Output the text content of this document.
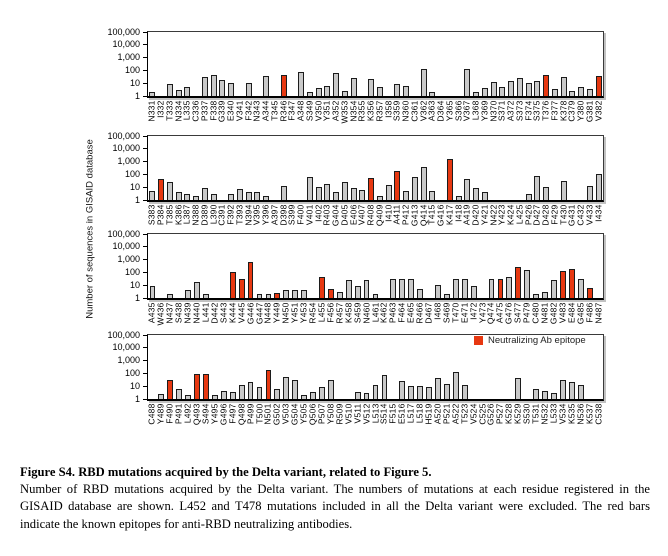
Number of sequences in GISAID database
100,000
10,000
1,000
100
10
1
N331
I332
T333
N334
L335
C336
P337
F338
G339
E340
V341
F342
N343
A344
T345
R346
F347
A348
S349
V350
Y351
A352
W353
N354
R355
K356
R357
I358
S359
N360
C361
V362
A363
D364
Y365
S366
V367
L368
Y369
N370
S371
A372
S373
F374
S375
T376
F377
K378
C379
Y380
G381
V382
100,000
10,000
1,000
100
10
1
S383
P384
T385
K386
L387
N388
D389
L390
C391
F392
T393
N394
V395
Y396
A397
D398
S399
F400
V401
I402
R403
G404
D405
E406
V407
R408
Q409
I410
A411
P412
G413
Q414
T415
G416
K417
I418
A419
D420
Y421
N422
Y423
K424
L425
P426
D427
D428
F429
T430
G431
C432
V433
I434
100,000
10,000
1,000
100
10
1
A435
W436
N437
S438
N439
N440
L441
D442
S443
K444
V445
G446
G447
N448
Y449
N450
Y451
Y453
R454
L455
F456
R457
K458
S459
N460
L461
K462
P463
F464
E465
R466
D467
I468
S469
T470
E471
I472
Y473
Q474
A475
G476
S477
P479
C480
N481
G482
V483
E484
G485
F486
N487
100,000
10,000
1,000
100
10
1
C488
Y489
F490
P491
L492
Q493
S494
Y495
G496
F497
Q498
P499
T500
N501
G502
V503
G504
Y505
Q506
P507
Y508
R509
V510
V511
V512
L513
S514
F515
E516
L517
L518
H519
A520
P521
A522
T523
V524
C525
G526
P527
K528
K529
S530
T531
N532
L533
V534
K535
N536
K537
C538
Neutralizing Ab epitope
Figure S4. RBD mutations acquired by the Delta variant, related to Figure 5.
Number of RBD mutations acquired by the Delta variant. The numbers of mutations at each residue registered in the GISAID database are shown. L452 and T478 mutations included in all the Delta variant were excluded. The red bars indicate the known epitopes for anti-RBD neutralizing antibodies.
